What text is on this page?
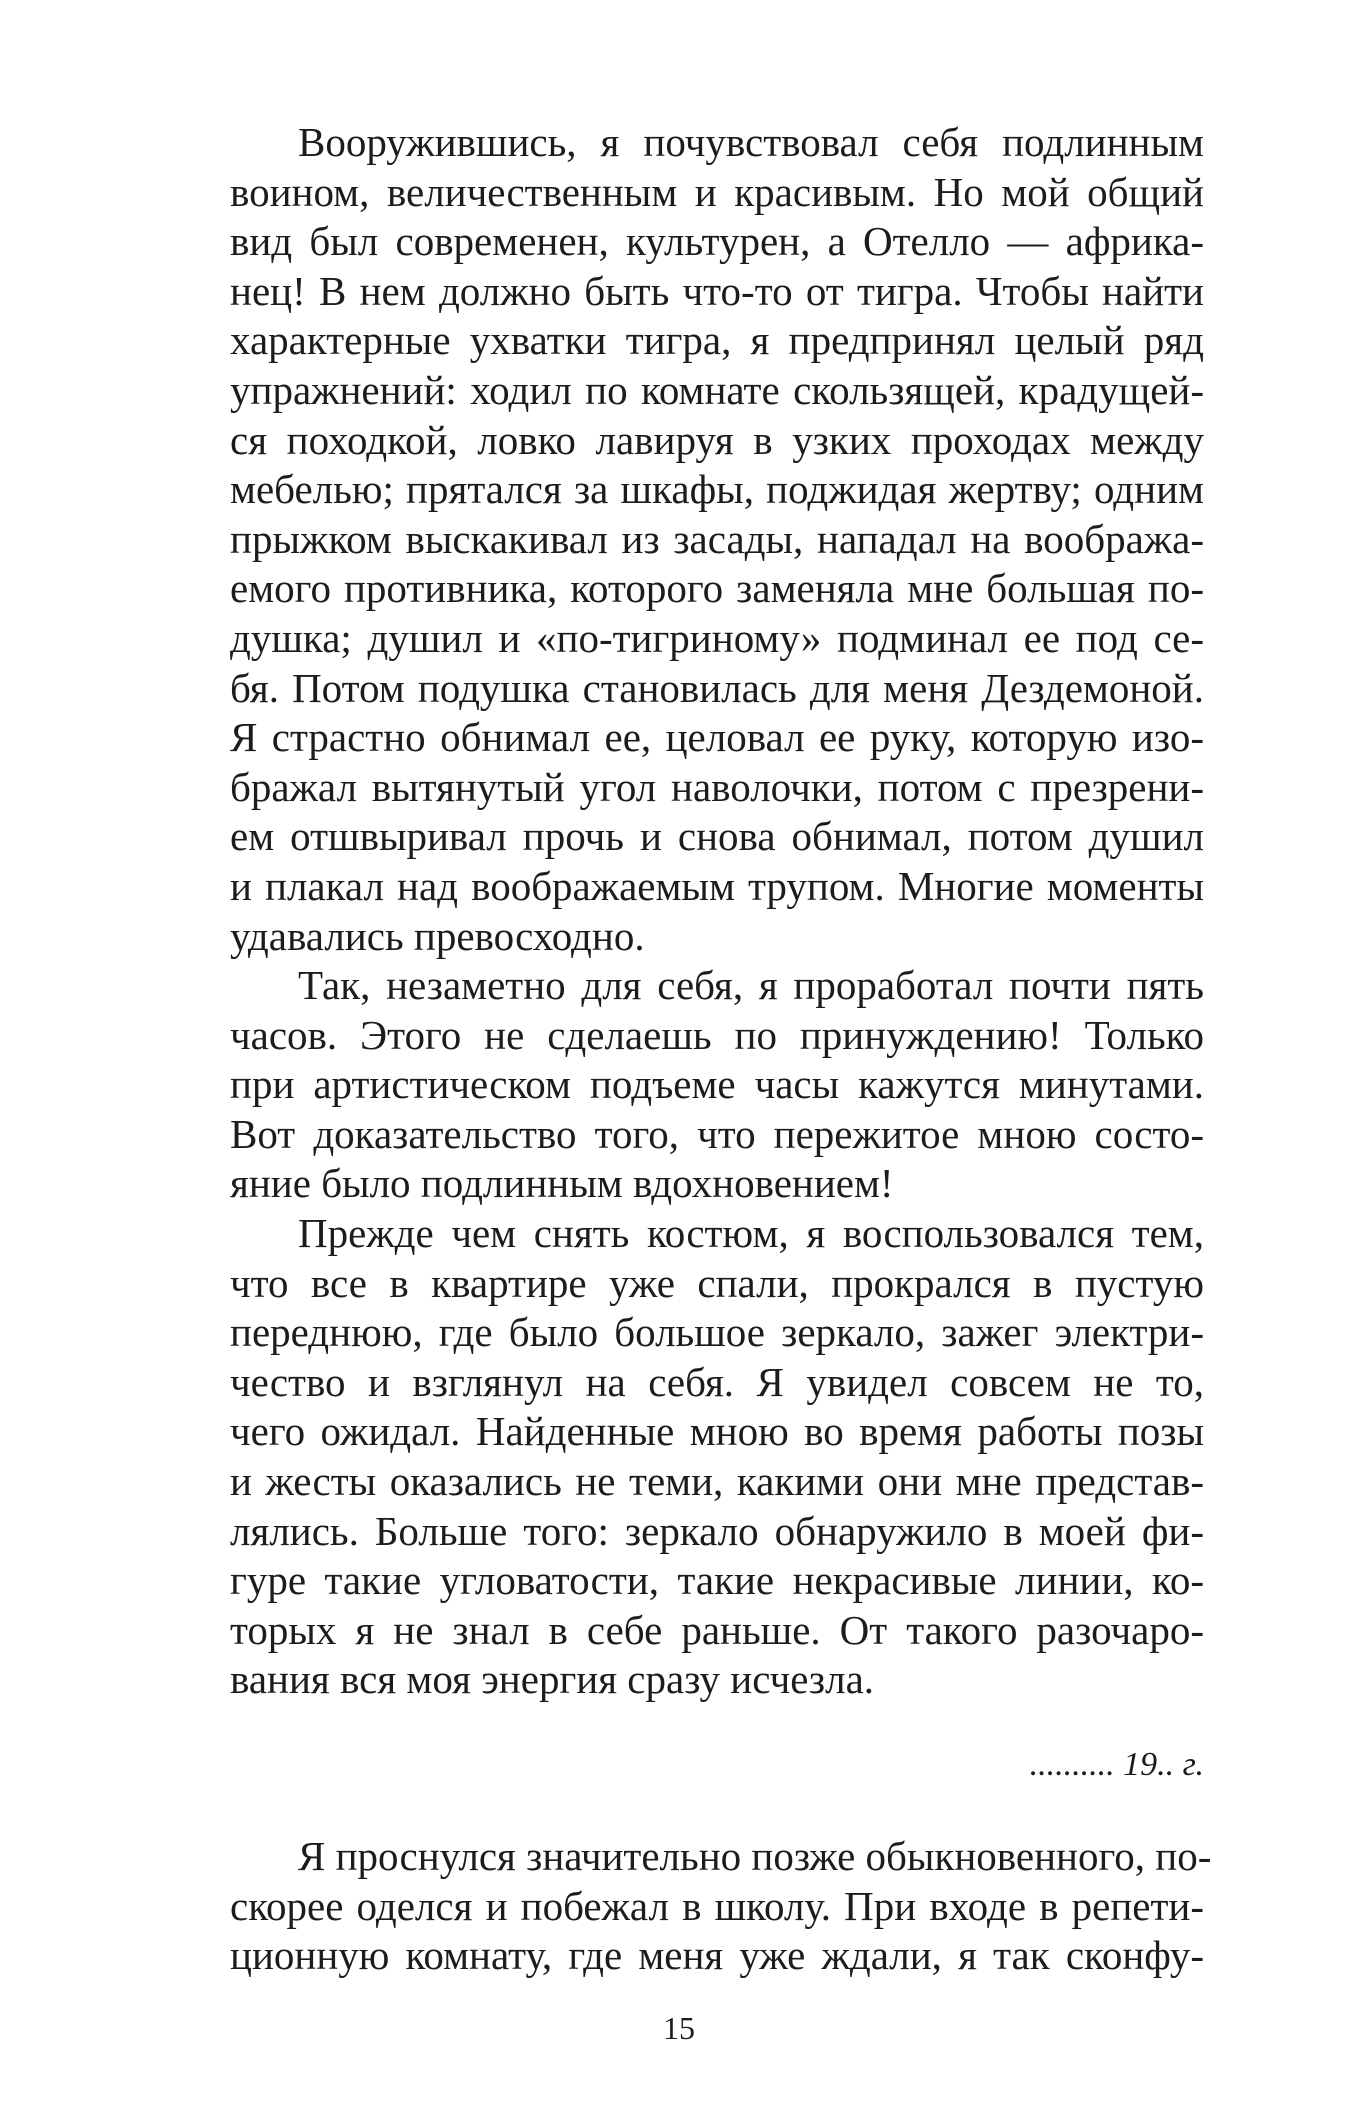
Вооружившись, я почувствовал себя подлинным
воином, величественным и красивым. Но мой общий
вид был современен, культурен, а Отелло — африка-
нец! В нем должно быть что-то от тигра. Чтобы найти
характерные ухватки тигра, я предпринял целый ряд
упражнений: ходил по комнате скользящей, крадущей-
ся походкой, ловко лавируя в узких проходах между
мебелью; прятался за шкафы, поджидая жертву; одним
прыжком выскакивал из засады, нападал на вообража-
емого противника, которого заменяла мне большая по-
душка; душил и «по-тигриному» подминал ее под се-
бя. Потом подушка становилась для меня Дездемоной.
Я страстно обнимал ее, целовал ее руку, которую изо-
бражал вытянутый угол наволочки, потом с презрени-
ем отшвыривал прочь и снова обнимал, потом душил
и плакал над воображаемым трупом. Многие моменты
удавались превосходно.
Так, незаметно для себя, я проработал почти пять
часов. Этого не сделаешь по принуждению! Только
при артистическом подъеме часы кажутся минутами.
Вот доказательство того, что пережитое мною состо-
яние было подлинным вдохновением!
Прежде чем снять костюм, я воспользовался тем,
что все в квартире уже спали, прокрался в пустую
переднюю, где было большое зеркало, зажег электри-
чество и взглянул на себя. Я увидел совсем не то,
чего ожидал. Найденные мною во время работы позы
и жесты оказались не теми, какими они мне представ-
лялись. Больше того: зеркало обнаружило в моей фи-
гуре такие угловатости, такие некрасивые линии, ко-
торых я не знал в себе раньше. От такого разочаро-
вания вся моя энергия сразу исчезла.
.......... 19.. г.
Я проснулся значительно позже обыкновенного, по-
скорее оделся и побежал в школу. При входе в репети-
ционную комнату, где меня уже ждали, я так сконфу-
15
